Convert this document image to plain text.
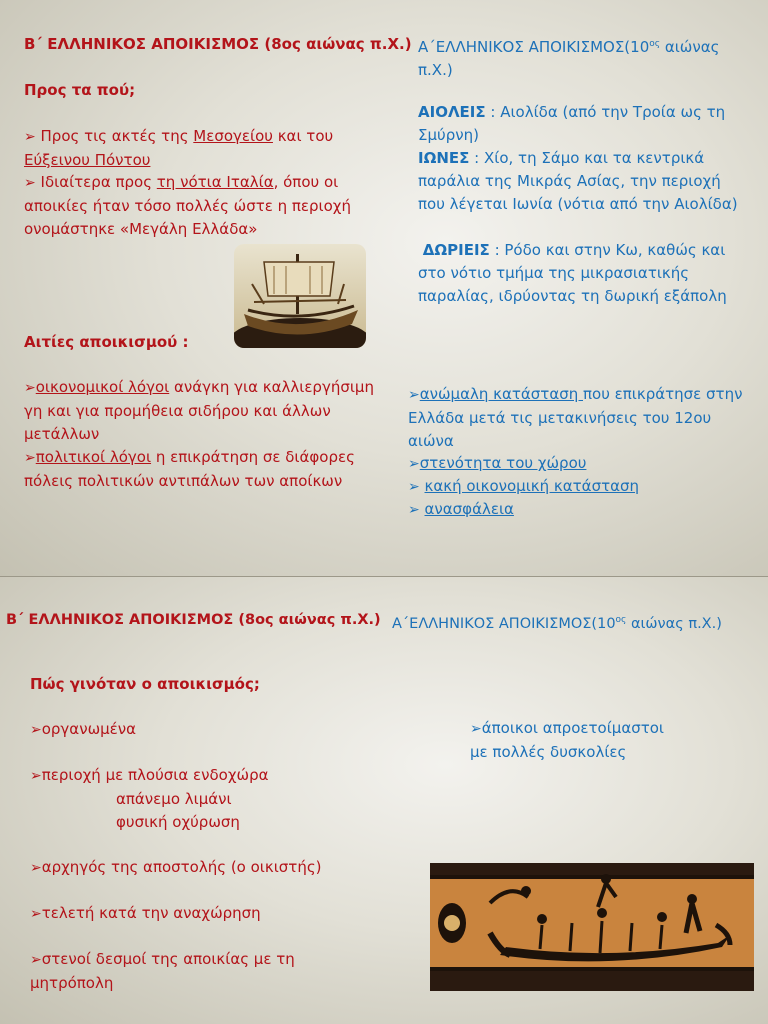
Β΄ ΕΛΛΗΝΙΚΟΣ ΑΠΟΙΚΙΣΜΟΣ (8ος αιώνας π.Χ.)

Προς τα πού;

➢ Προς τις ακτές της Μεσογείου και του
Εύξεινου Πόντου
➢ Ιδιαίτερα προς τη νότια Ιταλία, όπου οι αποικίες ήταν τόσο πολλές ώστε η περιοχή ονομάστηκε «Μεγάλη Ελλάδα»

Αιτίες αποικισμού :

➢οικονομικοί λόγοι ανάγκη για καλλιεργήσιμη γη και για προμήθεια σιδήρου και άλλων μετάλλων
➢πολιτικοί λόγοι η επικράτηση σε διάφορες πόλεις πολιτικών αντιπάλων των αποίκων
Α΄ΕΛΛΗΝΙΚΟΣ $A\Pi OIKI\Sigma MO\Sigma(10^{o\varsigma}$ αιώνας π.Χ.)
ΑΙΟΛΕΙΣ : Αιολίδα (από την Τροία ως τη Σμύρνη)
ΙΩΝΕΣ : Χίο, τη Σάμο και τα κεντρικά παράλια της Μικράς Ασίας, την περιοχή που λέγεται Ιωνία (νότια από την Αιολίδα)
ΔΩΡΙΕΙΣ : Ρόδο και στην Κω, καθώς και στο νότιο τμήμα της μικρασιατικής παραλίας, ιδρύοντας τη δωρική εξάπολη
➢ανώμαλη κατάσταση που επικράτησε στην Ελλάδα μετά τις μετακινήσεις του 12ου αιώνα
➢στενότητα του χώρου
➢ κακή οικονομική κατάσταση
➢ ανασφάλεια

Β΄ ΕΛΛΗΝΙΚΟΣ ΑΠΟΙΚΙΣΜΟΣ (8ος αιώνας π.Χ.) Α΄ΕΛΛΗΝΙΚΟΣ $A\Pi OIKI\Sigma MO\Sigma(10^{o\varsigma}$ αιώνας π.Χ.)

Πώς γινόταν ο αποικισμός;

➢οργανωμένα
➢περιοχή με πλούσια ενδοχώρα
απάνεμο λιμάνι
φυσική οχύρωση
➢αρχηγός της αποστολής (ο οικιστής)
➢τελετή κατά την αναχώρηση
➢στενοί δεσμοί της αποικίας με τη
μητρόπολη
➢άποικοι απροετοίμαστοι
με πολλές δυσκολίες
